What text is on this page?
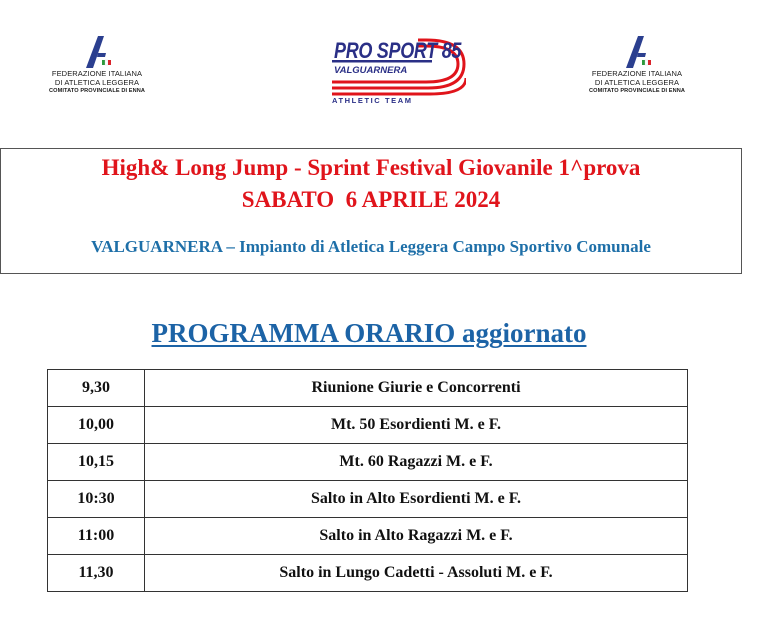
FEDERAZIONE ITALIANA
DI ATLETICA LEGGERA
COMITATO PROVINCIALE DI ENNA
PRO SPORT 85
VALGUARNERA
ATHLETIC TEAM
FEDERAZIONE ITALIANA
DI ATLETICA LEGGERA
COMITATO PROVINCIALE DI ENNA
High& Long Jump - Sprint Festival Giovanile 1^prova
SABATO  6 APRILE 2024
VALGUARNERA – Impianto di Atletica Leggera Campo Sportivo Comunale
PROGRAMMA ORARIO aggiornato
9,30	Riunione Giurie e Concorrenti
10,00	Mt. 50 Esordienti M. e F.
10,15	Mt. 60 Ragazzi M. e F.
10:30	Salto in Alto Esordienti M. e F.
11:00	Salto in Alto Ragazzi M. e F.
11,30	Salto in Lungo Cadetti - Assoluti M. e F.
